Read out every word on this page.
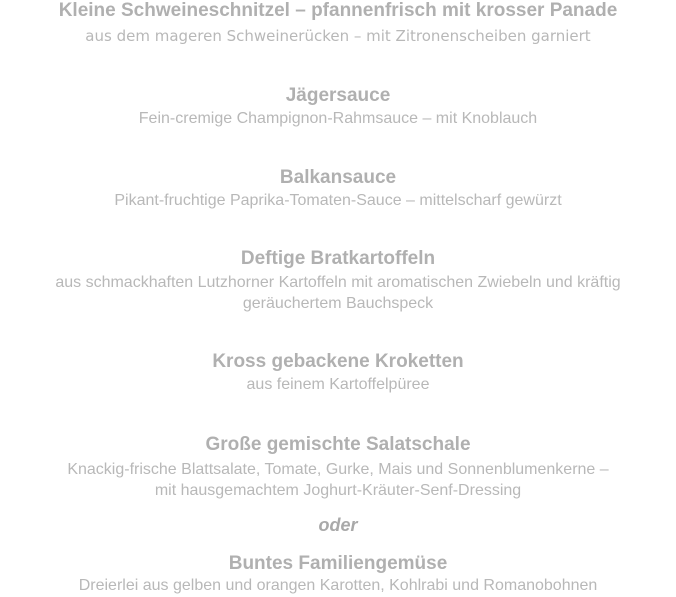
Kleine Schweineschnitzel – pfannenfrisch mit krosser Panade
aus dem mageren Schweinerücken – mit Zitronenscheiben garniert
Jägersauce
Fein-cremige Champignon-Rahmsauce – mit Knoblauch
Balkansauce
Pikant-fruchtige Paprika-Tomaten-Sauce – mittelscharf gewürzt
Deftige Bratkartoffeln
aus schmackhaften Lutzhorner Kartoffeln mit aromatischen Zwiebeln und kräftig
geräuchertem Bauchspeck
Kross gebackene Kroketten
aus feinem Kartoffelpüree
Große gemischte Salatschale
Knackig-frische Blattsalate, Tomate, Gurke, Mais und Sonnenblumenkerne –
mit hausgemachtem Joghurt-Kräuter-Senf-Dressing
oder
Buntes Familiengemüse
Dreierlei aus gelben und orangen Karotten, Kohlrabi und Romanobohnen
